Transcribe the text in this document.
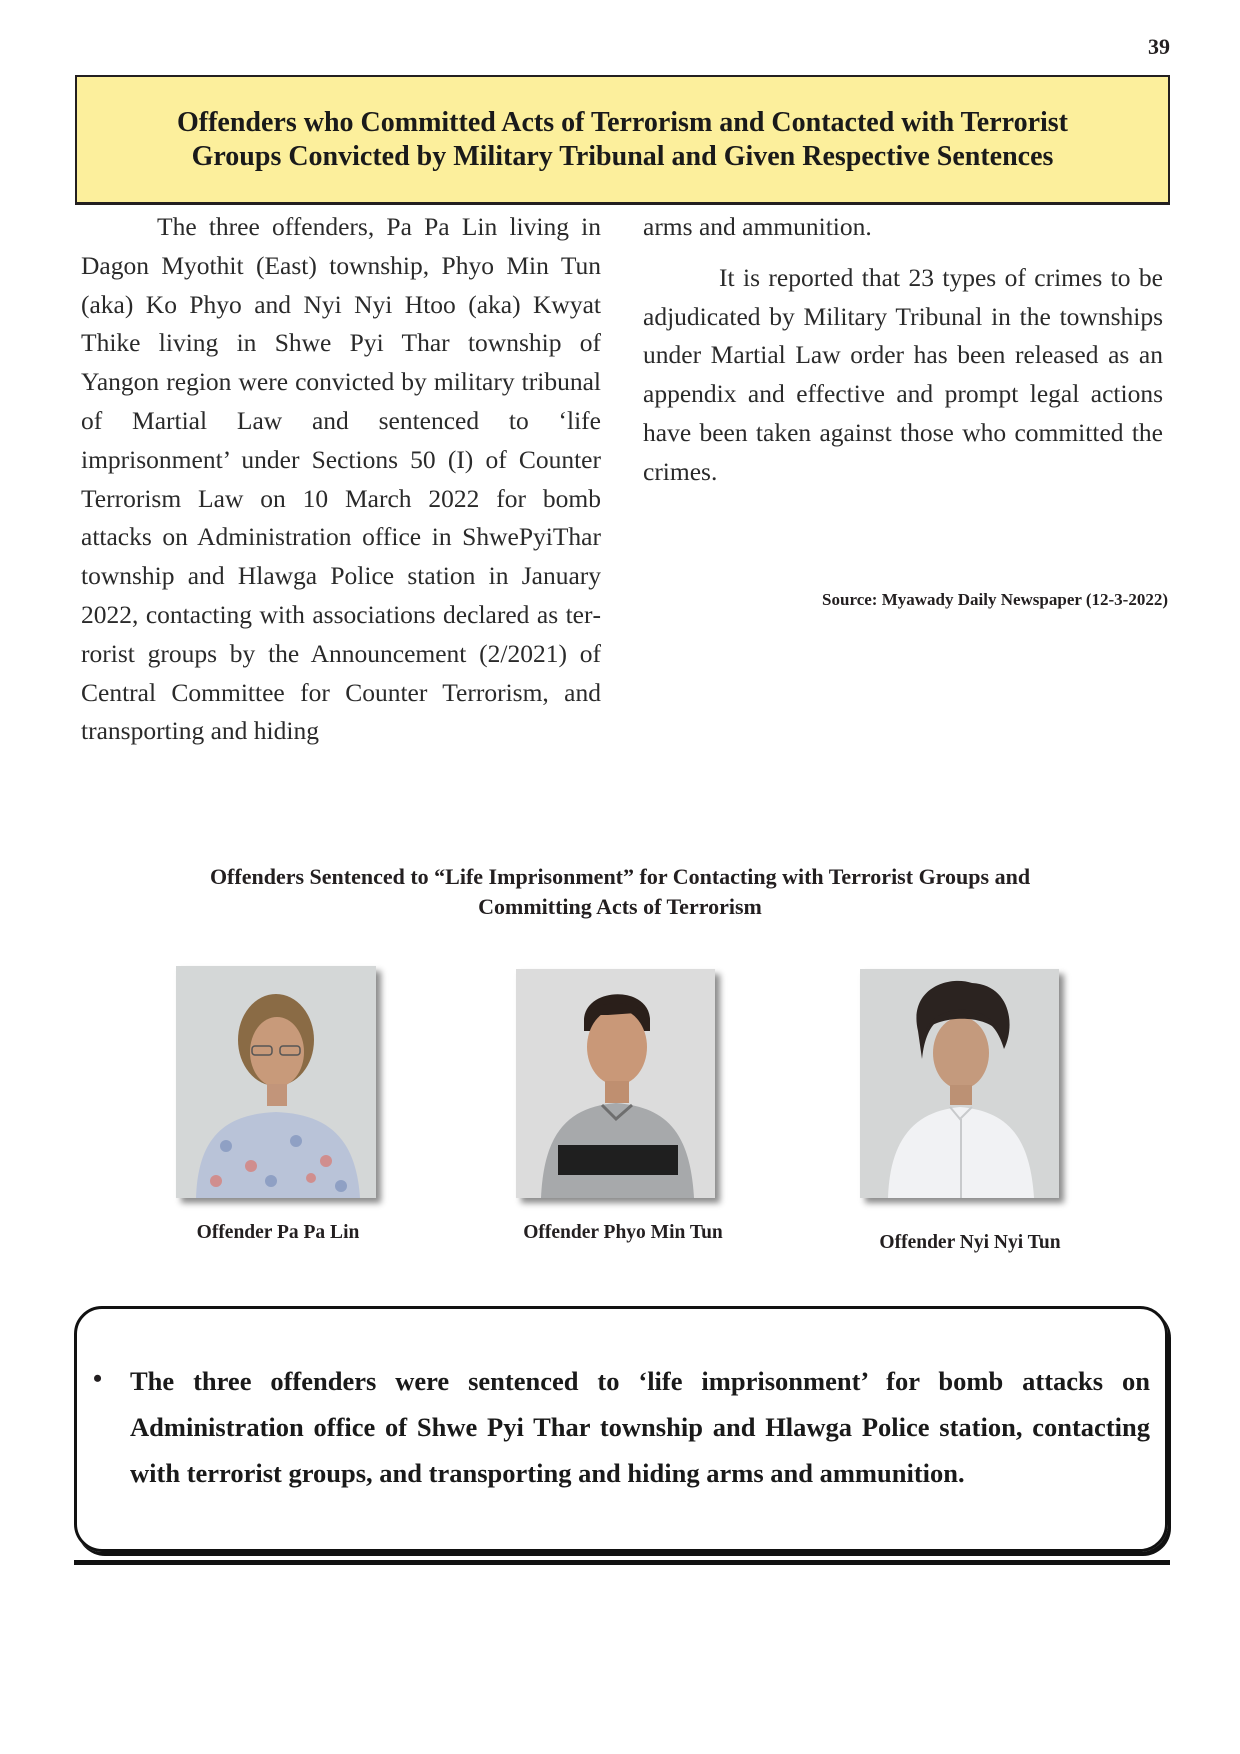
39
Offenders who Committed Acts of Terrorism and Contacted with Terrorist
Groups Convicted by Military Tribunal and Given Respective Sentences

The three offenders, Pa Pa Lin living in Dagon Myothit (East) township, Phyo Min Tun (aka) Ko Phyo and Nyi Nyi Htoo (aka) Kwyat Thike living in Shwe Pyi Thar township of Yangon region were convicted by military tribunal of Martial Law and sentenced to ‘life imprisonment’ under Sections 50 (I) of Counter Terrorism Law on 10 March 2022 for bomb attacks on Administration office in ShwePyiThar township and Hlawga Police station in January 2022, contacting with associations declared as terrorist groups by the Announcement (2/2021) of Central Committee for Counter Terrorism, and transporting and hiding

arms and ammunition.

It is reported that 23 types of crimes to be adjudicated by Military Tribunal in the townships under Martial Law order has been released as an appendix and effective and prompt legal actions have been taken against those who committed the crimes.

Source: Myawady Daily Newspaper (12-3-2022)
Offenders Sentenced to “Life Imprisonment” for Contacting with Terrorist Groups and
Committing Acts of Terrorism
Offender Pa Pa Lin	Offender Phyo Min Tun	Offender Nyi Nyi Tun
• The three offenders were sentenced to ‘life imprisonment’ for bomb attacks on Administration office of Shwe Pyi Thar township and Hlawga Police station, contacting with terrorist groups, and transporting and hiding arms and ammunition.
